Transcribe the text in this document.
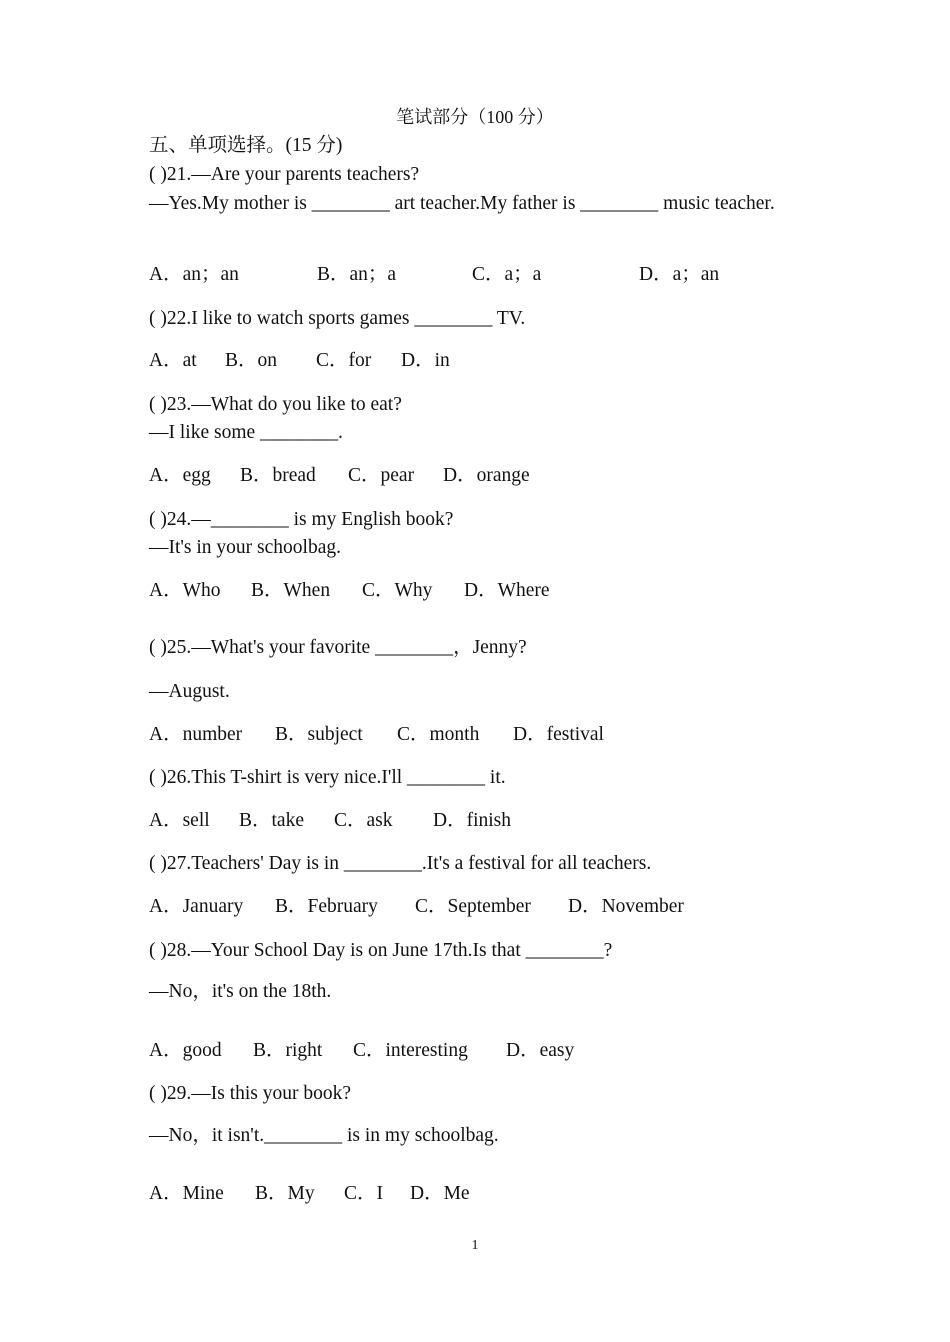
笔试部分（100 分）
五、单项选择。(15 分)
( )21.—Are your parents teachers?
—Yes.My mother is ________ art teacher.My father is ________ music teacher.
A．an；an	B．an；a	C．a；a	D．a；an
( )22.I like to watch sports games ________ TV.
A．at B．on C．for D．in
( )23.—What do you like to eat?
—I like some ________.
A．egg B．bread C．pear D．orange
( )24.—________ is my English book?
—It's in your schoolbag.
A．Who B．When C．Why D．Where
( )25.—What's your favorite ________，Jenny?
—August.
A．number B．subject C．month D．festival
( )26.This T-shirt is very nice.I'll ________ it.
A．sell B．take C．ask D．finish
( )27.Teachers' Day is in ________.It's a festival for all teachers.
A．January B．February C．September D．November
( )28.—Your School Day is on June 17th.Is that ________?
—No，it's on the 18th.
A．good B．right C．interesting D．easy
( )29.—Is this your book?
—No，it isn't.________ is in my schoolbag.
A．Mine B．My C．I D．Me
1
